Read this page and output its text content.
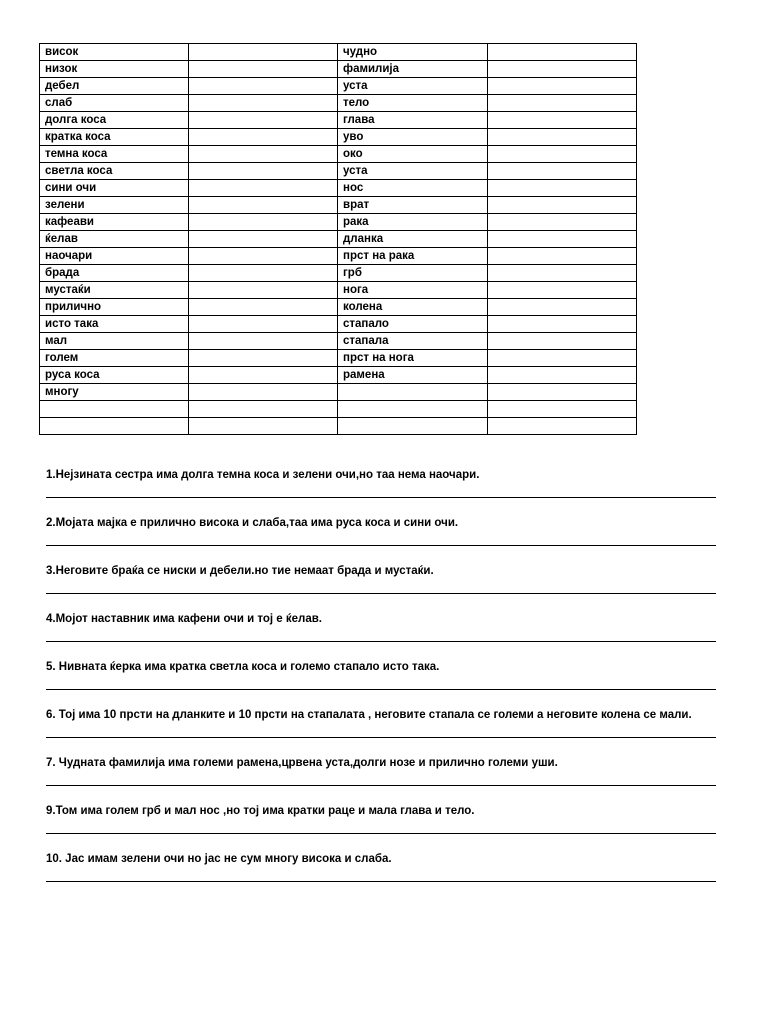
висок		чудно	
низок		фамилија	
дебел		уста	
слаб		тело	
долга коса		глава	
кратка коса		уво	
темна коса		око	
светла коса		уста	
сини очи		нос	
зелени		врат	
кафеави		рака	
ќелав		дланка	
наочари		прст на рака	
брада		грб	
мустаќи		нога	
прилично		колена	
исто така		стапало	
мал		стапала	
голем		прст на нога	
руса коса		рамена	
многу			

1.Нејзината сестра има долга темна коса и зелени очи,но таа нема наочари.

2.Мојата мајка е прилично висока и слаба,таа има руса коса и сини очи.

3.Неговите браќа се ниски и дебели.но тие немаат брада и мустаќи.

4.Мојот наставник има кафени очи и тој е ќелав.

5. Нивната ќерка има кратка светла коса и големо стапало исто така.

6. Тој има 10 прсти на дланките и 10 прсти на стапалата , неговите стапала се големи а неговите колена се мали.

7. Чудната фамилија има големи рамена,црвена уста,долги нозе и прилично големи уши.

9.Том има голем грб и мал нос ,но тој има кратки раце и мала глава и тело.

10. Јас имам зелени очи но јас не сум многу висока и слаба.
